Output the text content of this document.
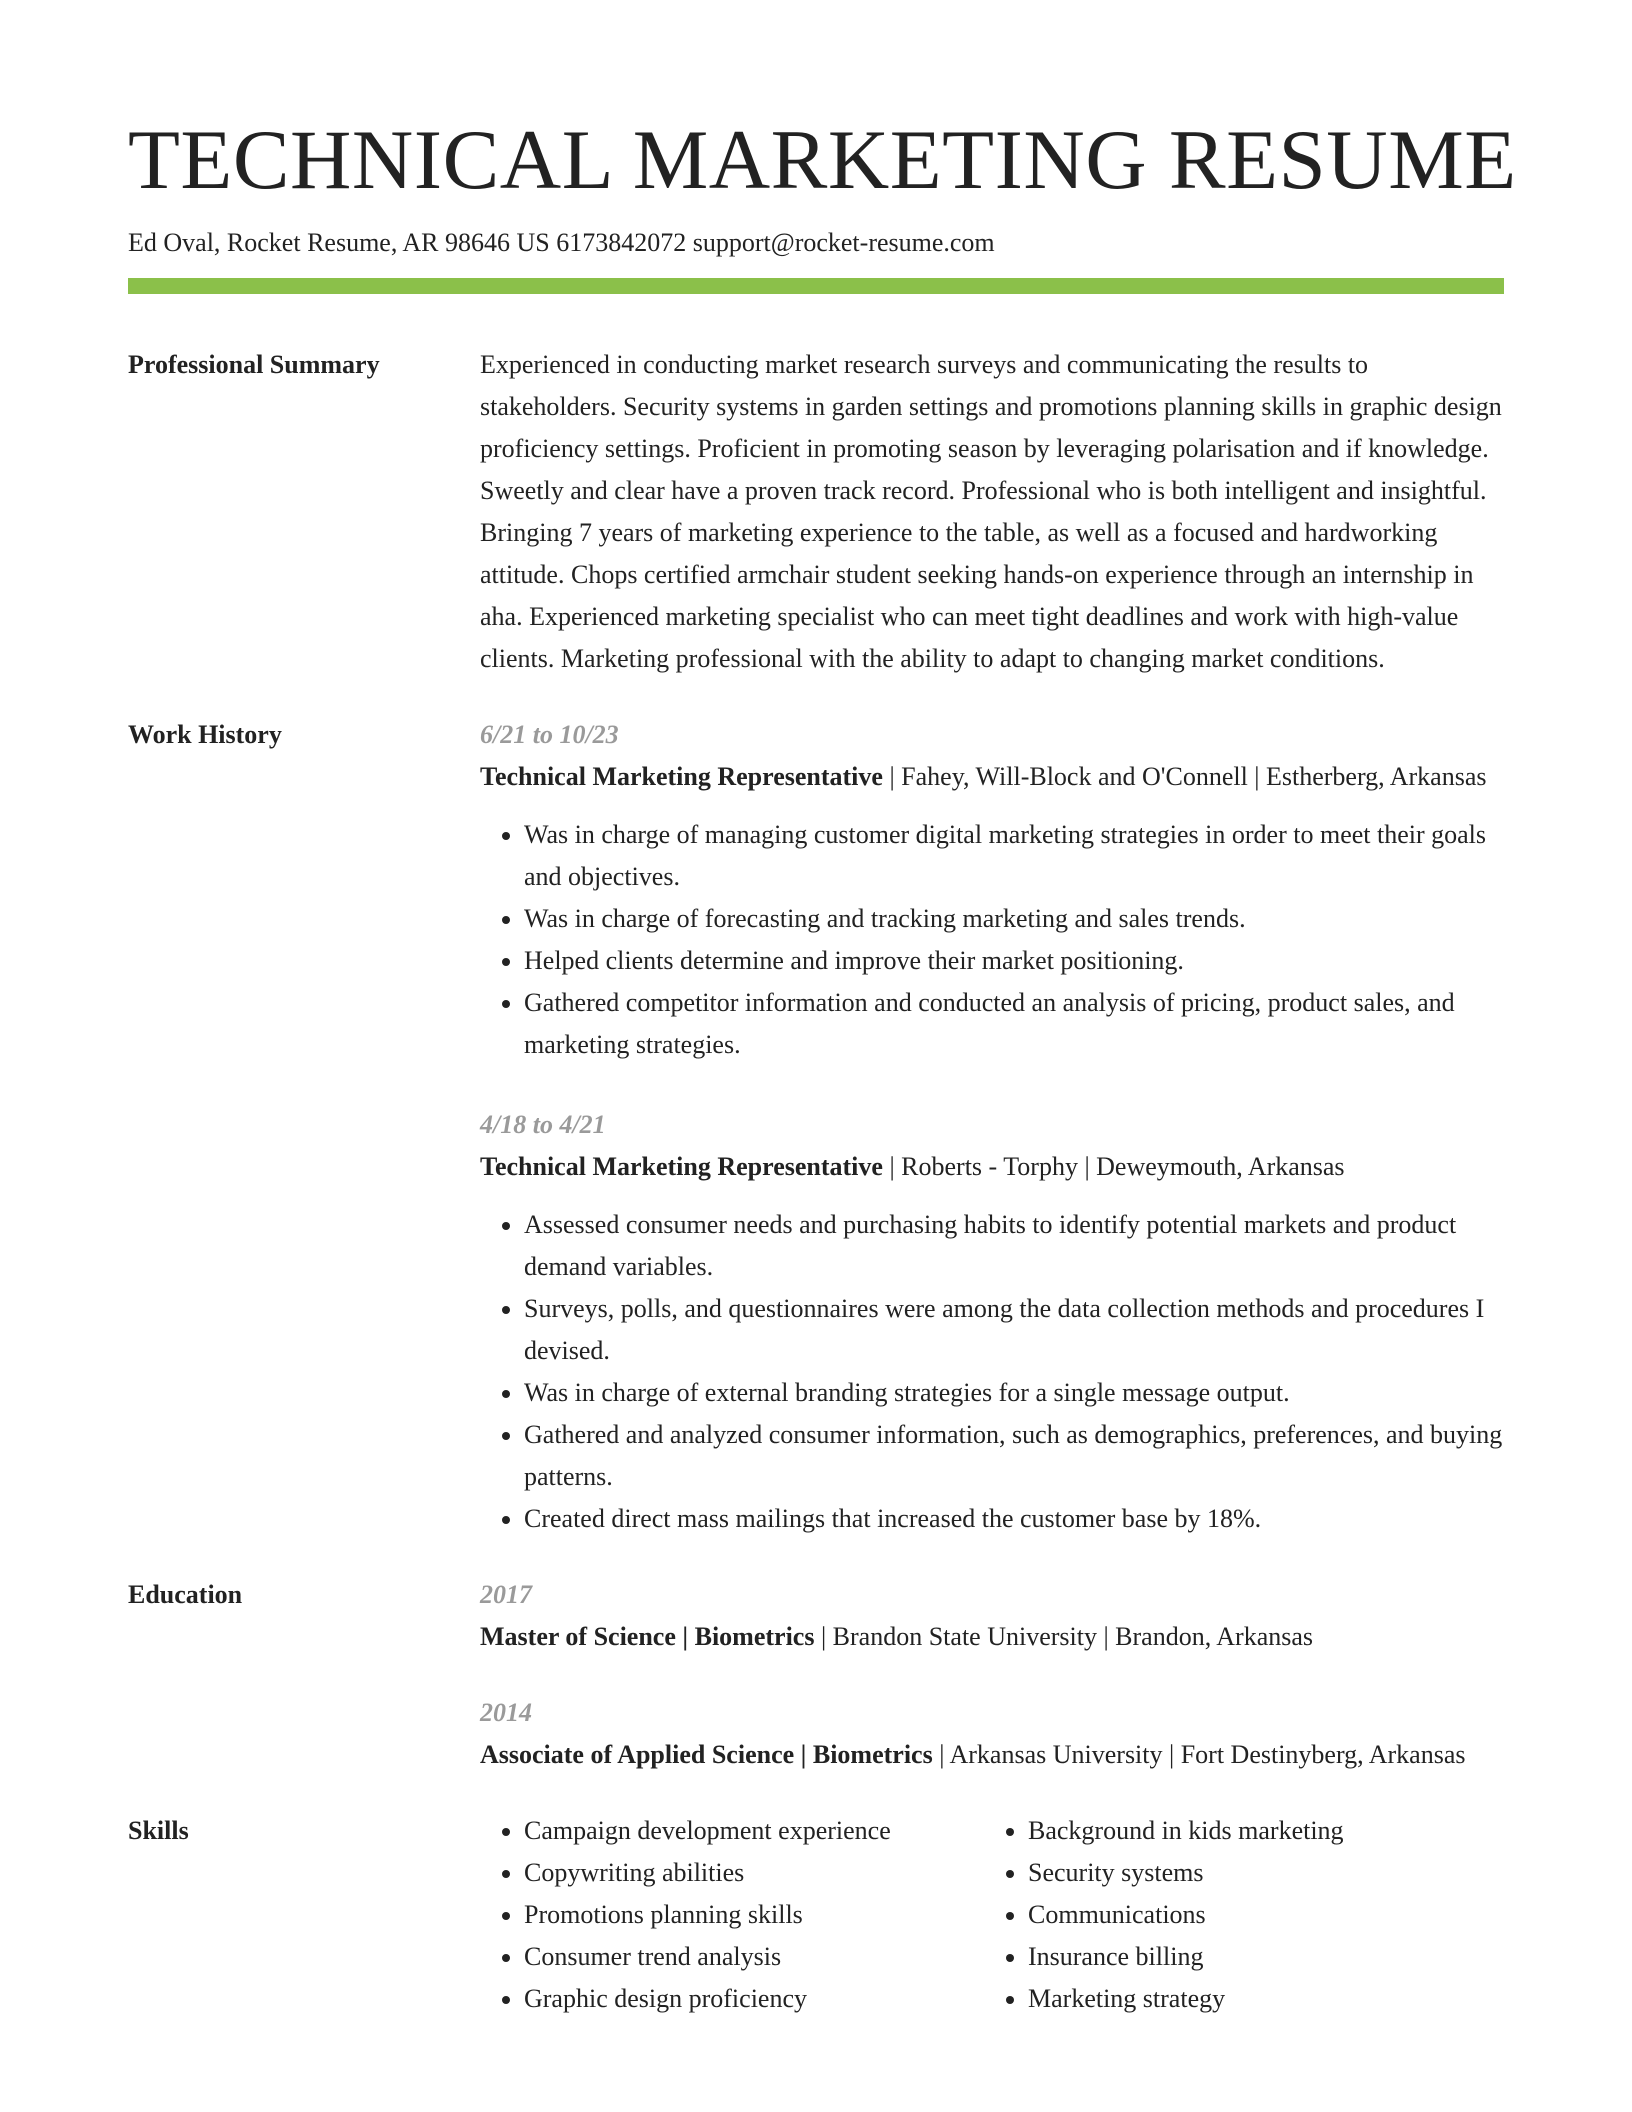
TECHNICAL MARKETING RESUME
Ed Oval, Rocket Resume, AR 98646 US 6173842072 support@rocket-resume.com
Professional Summary	Experienced in conducting market research surveys and communicating the results to stakeholders. Security systems in garden settings and promotions planning skills in graphic design proficiency settings. Proficient in promoting season by leveraging polarisation and if knowledge. Sweetly and clear have a proven track record. Professional who is both intelligent and insightful. Bringing 7 years of marketing experience to the table, as well as a focused and hardworking attitude. Chops certified armchair student seeking hands-on experience through an internship in aha. Experienced marketing specialist who can meet tight deadlines and work with high-value clients. Marketing professional with the ability to adapt to changing market conditions.

Work History	6/21 to 10/23
Technical Marketing Representative | Fahey, Will-Block and O'Connell | Estherberg, Arkansas
• Was in charge of managing customer digital marketing strategies in order to meet their goals and objectives.
• Was in charge of forecasting and tracking marketing and sales trends.
• Helped clients determine and improve their market positioning.
• Gathered competitor information and conducted an analysis of pricing, product sales, and marketing strategies.
4/18 to 4/21
Technical Marketing Representative | Roberts - Torphy | Deweymouth, Arkansas
• Assessed consumer needs and purchasing habits to identify potential markets and product demand variables.
• Surveys, polls, and questionnaires were among the data collection methods and procedures I devised.
• Was in charge of external branding strategies for a single message output.
• Gathered and analyzed consumer information, such as demographics, preferences, and buying patterns.
• Created direct mass mailings that increased the customer base by 18%.
Education	2017
Master of Science | Biometrics | Brandon State University | Brandon, Arkansas
2014
Associate of Applied Science | Biometrics | Arkansas University | Fort Destinyberg, Arkansas
Skills
•	Campaign development experience
• Copywriting abilities
• Promotions planning skills
• Consumer trend analysis
• Graphic design proficiency
• Background in kids marketing
• Security systems
• Communications
• Insurance billing
• Marketing strategy
